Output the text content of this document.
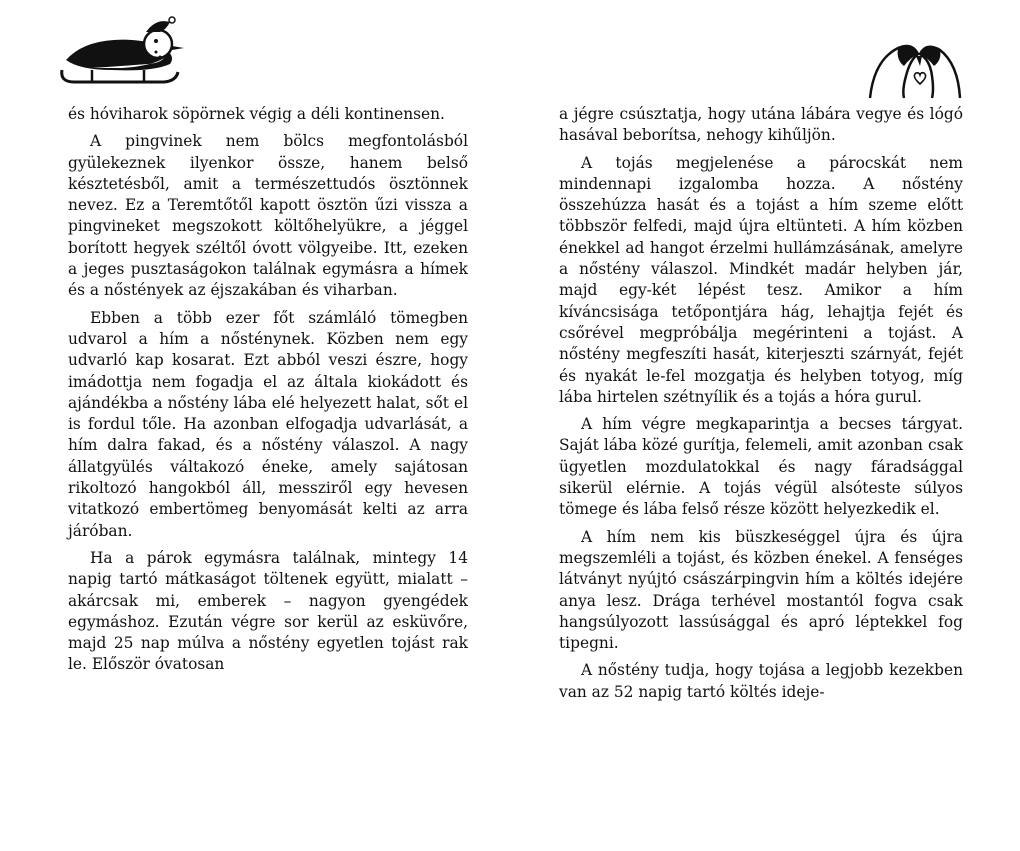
és hóviharok söpörnek végig a déli kontinensen.

A pingvinek nem bölcs megfontolásból gyülekeznek ilyenkor össze, hanem belső késztetésből, amit a természettudós ösztönnek nevez. Ez a Teremtőtől kapott ösztön űzi vissza a pingvineket megszokott költőhelyükre, a jéggel borított hegyek széltől óvott völgyeibe. Itt, ezeken a jeges pusztaságokon találnak egymásra a hímek és a nőstények az éjszakában és viharban.

Ebben a több ezer főt számláló tömegben udvarol a hím a nősténynek. Közben nem egy udvarló kap kosarat. Ezt abból veszi észre, hogy imádottja nem fogadja el az általa kiokádott és ajándékba a nőstény lába elé helyezett halat, sőt el is fordul tőle. Ha azonban elfogadja udvarlását, a hím dalra fakad, és a nőstény válaszol. A nagy állatgyülés váltakozó éneke, amely sajátosan rikoltozó hangokból áll, messziről egy hevesen vitatkozó embertömeg benyomását kelti az arra járóban.

Ha a párok egymásra találnak, mintegy 14 napig tartó mátkaságot töltenek együtt, mialatt – akárcsak mi, emberek – nagyon gyengédek egymáshoz. Ezután végre sor kerül az esküvőre, majd 25 nap múlva a nőstény egyetlen tojást rak le. Először óvatosan

a jégre csúsztatja, hogy utána lábára vegye és lógó hasával beborítsa, nehogy kihűljön.

A tojás megjelenése a párocskát nem mindennapi izgalomba hozza. A nőstény összehúzza hasát és a tojást a hím szeme előtt többször felfedi, majd újra eltünteti. A hím közben énekkel ad hangot érzelmi hullámzásának, amelyre a nőstény válaszol. Mindkét madár helyben jár, majd egy-két lépést tesz. Amikor a hím kíváncsisága tetőpontjára hág, lehajtja fejét és csőrével megpróbálja megérinteni a tojást. A nőstény megfeszíti hasát, kiterjeszti szárnyát, fejét és nyakát le-fel mozgatja és helyben totyog, míg lába hirtelen szétnyílik és a tojás a hóra gurul.

A hím végre megkaparintja a becses tárgyat. Saját lába közé gurítja, felemeli, amit azonban csak ügyetlen mozdulatokkal és nagy fáradsággal sikerül elérnie. A tojás végül alsóteste súlyos tömege és lába felső része között helyezkedik el.

A hím nem kis büszkeséggel újra és újra megszemléli a tojást, és közben énekel. A fenséges látványt nyújtó császárpingvin hím a költés idejére anya lesz. Drága terhével mostantól fogva csak hangsúlyozott lassúsággal és apró léptekkel fog tipegni.

A nőstény tudja, hogy tojása a legjobb kezekben van az 52 napig tartó költés ideje-
